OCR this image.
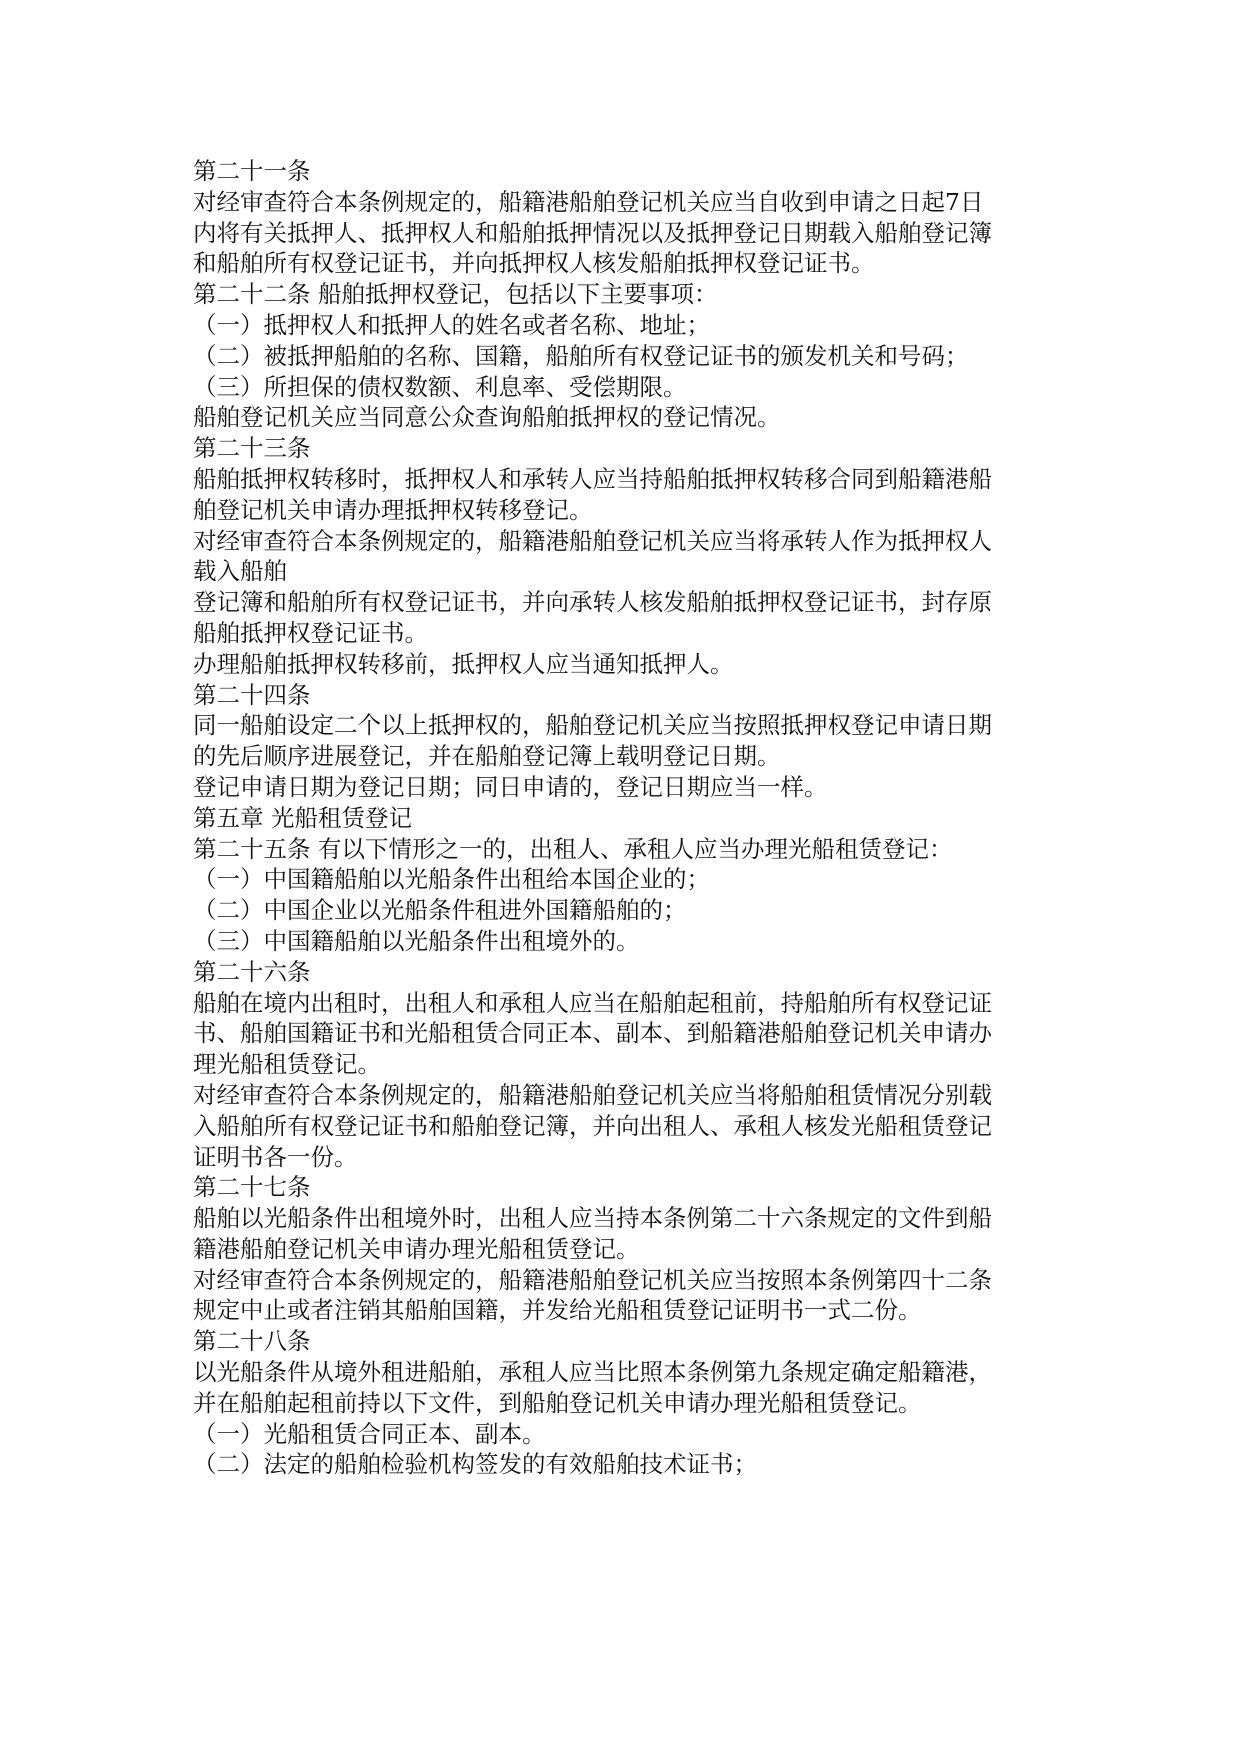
第二十一条
对经审查符合本条例规定的，船籍港船舶登记机关应当自收到申请之日起7日
内将有关抵押人、抵押权人和船舶抵押情况以及抵押登记日期载入船舶登记簿
和船舶所有权登记证书，并向抵押权人核发船舶抵押权登记证书。
第二十二条 船舶抵押权登记，包括以下主要事项：
（一）抵押权人和抵押人的姓名或者名称、地址；
（二）被抵押船舶的名称、国籍，船舶所有权登记证书的颁发机关和号码；
（三）所担保的债权数额、利息率、受偿期限。
船舶登记机关应当同意公众查询船舶抵押权的登记情况。
第二十三条
船舶抵押权转移时，抵押权人和承转人应当持船舶抵押权转移合同到船籍港船
舶登记机关申请办理抵押权转移登记。
对经审查符合本条例规定的，船籍港船舶登记机关应当将承转人作为抵押权人
载入船舶
登记簿和船舶所有权登记证书，并向承转人核发船舶抵押权登记证书，封存原
船舶抵押权登记证书。
办理船舶抵押权转移前，抵押权人应当通知抵押人。
第二十四条
同一船舶设定二个以上抵押权的，船舶登记机关应当按照抵押权登记申请日期
的先后顺序进展登记，并在船舶登记簿上载明登记日期。
登记申请日期为登记日期；同日申请的，登记日期应当一样。
第五章 光船租赁登记
第二十五条 有以下情形之一的，出租人、承租人应当办理光船租赁登记：
（一）中国籍船舶以光船条件出租给本国企业的；
（二）中国企业以光船条件租进外国籍船舶的；
（三）中国籍船舶以光船条件出租境外的。
第二十六条
船舶在境内出租时，出租人和承租人应当在船舶起租前，持船舶所有权登记证
书、船舶国籍证书和光船租赁合同正本、副本、到船籍港船舶登记机关申请办
理光船租赁登记。
对经审查符合本条例规定的，船籍港船舶登记机关应当将船舶租赁情况分别载
入船舶所有权登记证书和船舶登记簿，并向出租人、承租人核发光船租赁登记
证明书各一份。
第二十七条
船舶以光船条件出租境外时，出租人应当持本条例第二十六条规定的文件到船
籍港船舶登记机关申请办理光船租赁登记。
对经审查符合本条例规定的，船籍港船舶登记机关应当按照本条例第四十二条
规定中止或者注销其船舶国籍，并发给光船租赁登记证明书一式二份。
第二十八条
以光船条件从境外租进船舶，承租人应当比照本条例第九条规定确定船籍港，
并在船舶起租前持以下文件，到船舶登记机关申请办理光船租赁登记。
（一）光船租赁合同正本、副本。
（二）法定的船舶检验机构签发的有效船舶技术证书；
